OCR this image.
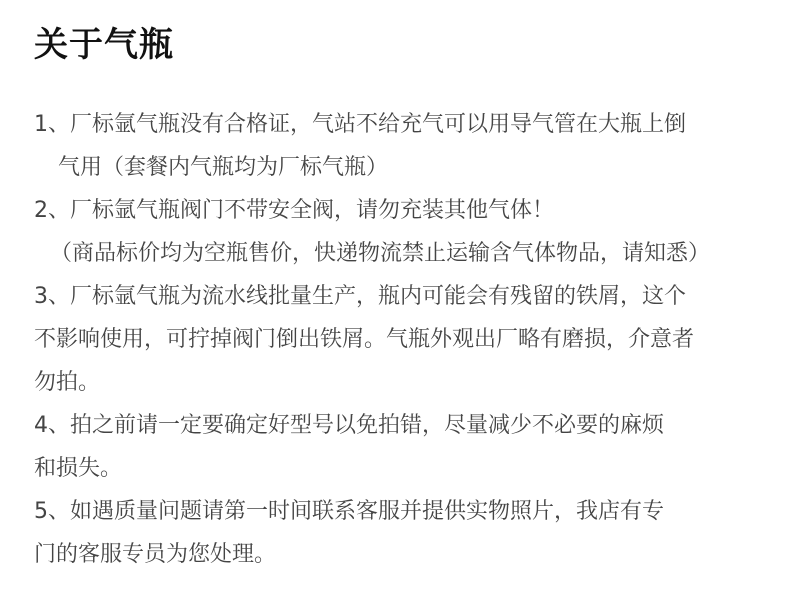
关于气瓶
1、厂标氩气瓶没有合格证，气站不给充气可以用导气管在大瓶上倒
气用（套餐内气瓶均为厂标气瓶）
2、厂标氩气瓶阀门不带安全阀，请勿充装其他气体！
（商品标价均为空瓶售价，快递物流禁止运输含气体物品，请知悉）
3、厂标氩气瓶为流水线批量生产，瓶内可能会有残留的铁屑，这个
不影响使用，可拧掉阀门倒出铁屑。气瓶外观出厂略有磨损，介意者
勿拍。
4、拍之前请一定要确定好型号以免拍错，尽量减少不必要的麻烦
和损失。
5、如遇质量问题请第一时间联系客服并提供实物照片，我店有专
门的客服专员为您处理。
